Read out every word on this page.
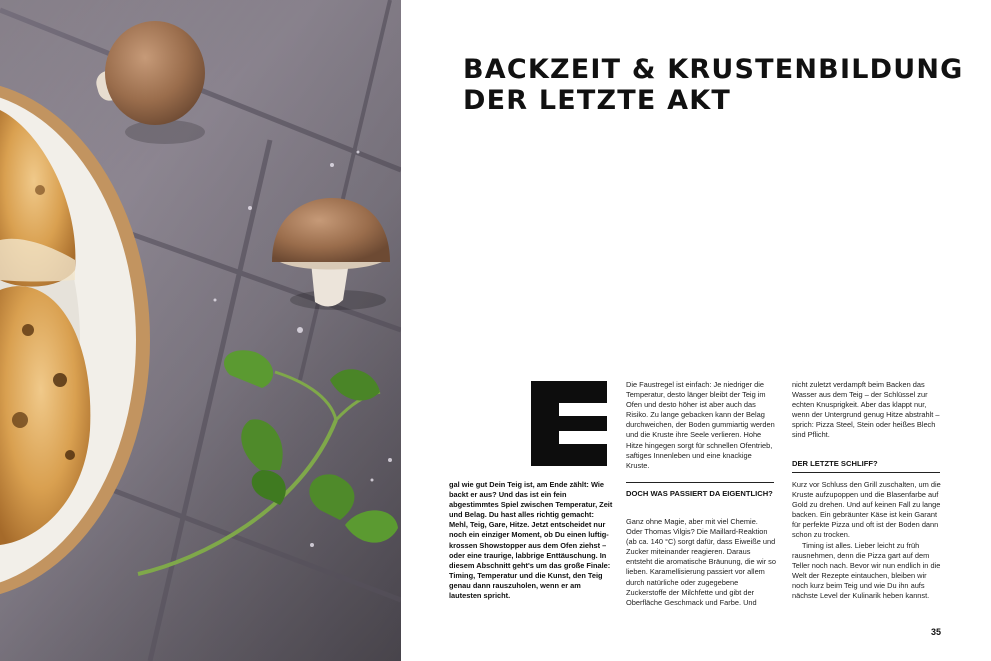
BACKZEIT & KRUSTENBILDUNG
DER LETZTE AKT

gal wie gut Dein Teig ist, am Ende zählt: Wie backt er aus? Und das ist ein fein abgestimmtes Spiel zwischen Temperatur, Zeit und Belag. Du hast alles richtig gemacht: Mehl, Teig, Gare, Hitze. Jetzt entscheidet nur noch ein einziger Moment, ob Du einen luftig-krossen Showstopper aus dem Ofen ziehst – oder eine traurige, labbrige Enttäuschung. In diesem Abschnitt geht's um das große Finale: Timing, Temperatur und die Kunst, den Teig genau dann rauszuholen, wenn er am lautesten spricht.

Die Faustregel ist einfach: Je niedriger die Temperatur, desto länger bleibt der Teig im Ofen und desto höher ist aber auch das Risiko. Zu lange gebacken kann der Belag durchweichen, der Boden gummiartig werden und die Kruste ihre Seele verlieren. Hohe Hitze hingegen sorgt für schnellen Ofentrieb, saftiges Innenleben und eine knackige Kruste.

DOCH WAS PASSIERT DA EIGENTLICH?

Ganz ohne Magie, aber mit viel Chemie. Oder Thomas Vilgis? Die Maillard-Reaktion (ab ca. 140 °C) sorgt dafür, dass Eiweiße und Zucker miteinander reagieren. Daraus entsteht die aromatische Bräunung, die wir so lieben. Karamellisierung passiert vor allem durch natürliche oder zugegebene Zuckerstoffe der Milchfette und gibt der Oberfläche Geschmack und Farbe. Und

nicht zuletzt verdampft beim Backen das Wasser aus dem Teig – der Schlüssel zur echten Knusprigkeit. Aber das klappt nur, wenn der Untergrund genug Hitze abstrahlt – sprich: Pizza Steel, Stein oder heißes Blech sind Pflicht.

DER LETZTE SCHLIFF?

Kurz vor Schluss den Grill zuschalten, um die Kruste aufzupoppen und die Blasenfarbe auf Gold zu drehen. Und auf keinen Fall zu lange backen. Ein gebräunter Käse ist kein Garant für perfekte Pizza und oft ist der Boden dann schon zu trocken.

Timing ist alles. Lieber leicht zu früh rausnehmen, denn die Pizza gart auf dem Teller noch nach. Bevor wir nun endlich in die Welt der Rezepte eintauchen, bleiben wir noch kurz beim Teig und wie Du ihn aufs nächste Level der Kulinarik heben kannst.

35
